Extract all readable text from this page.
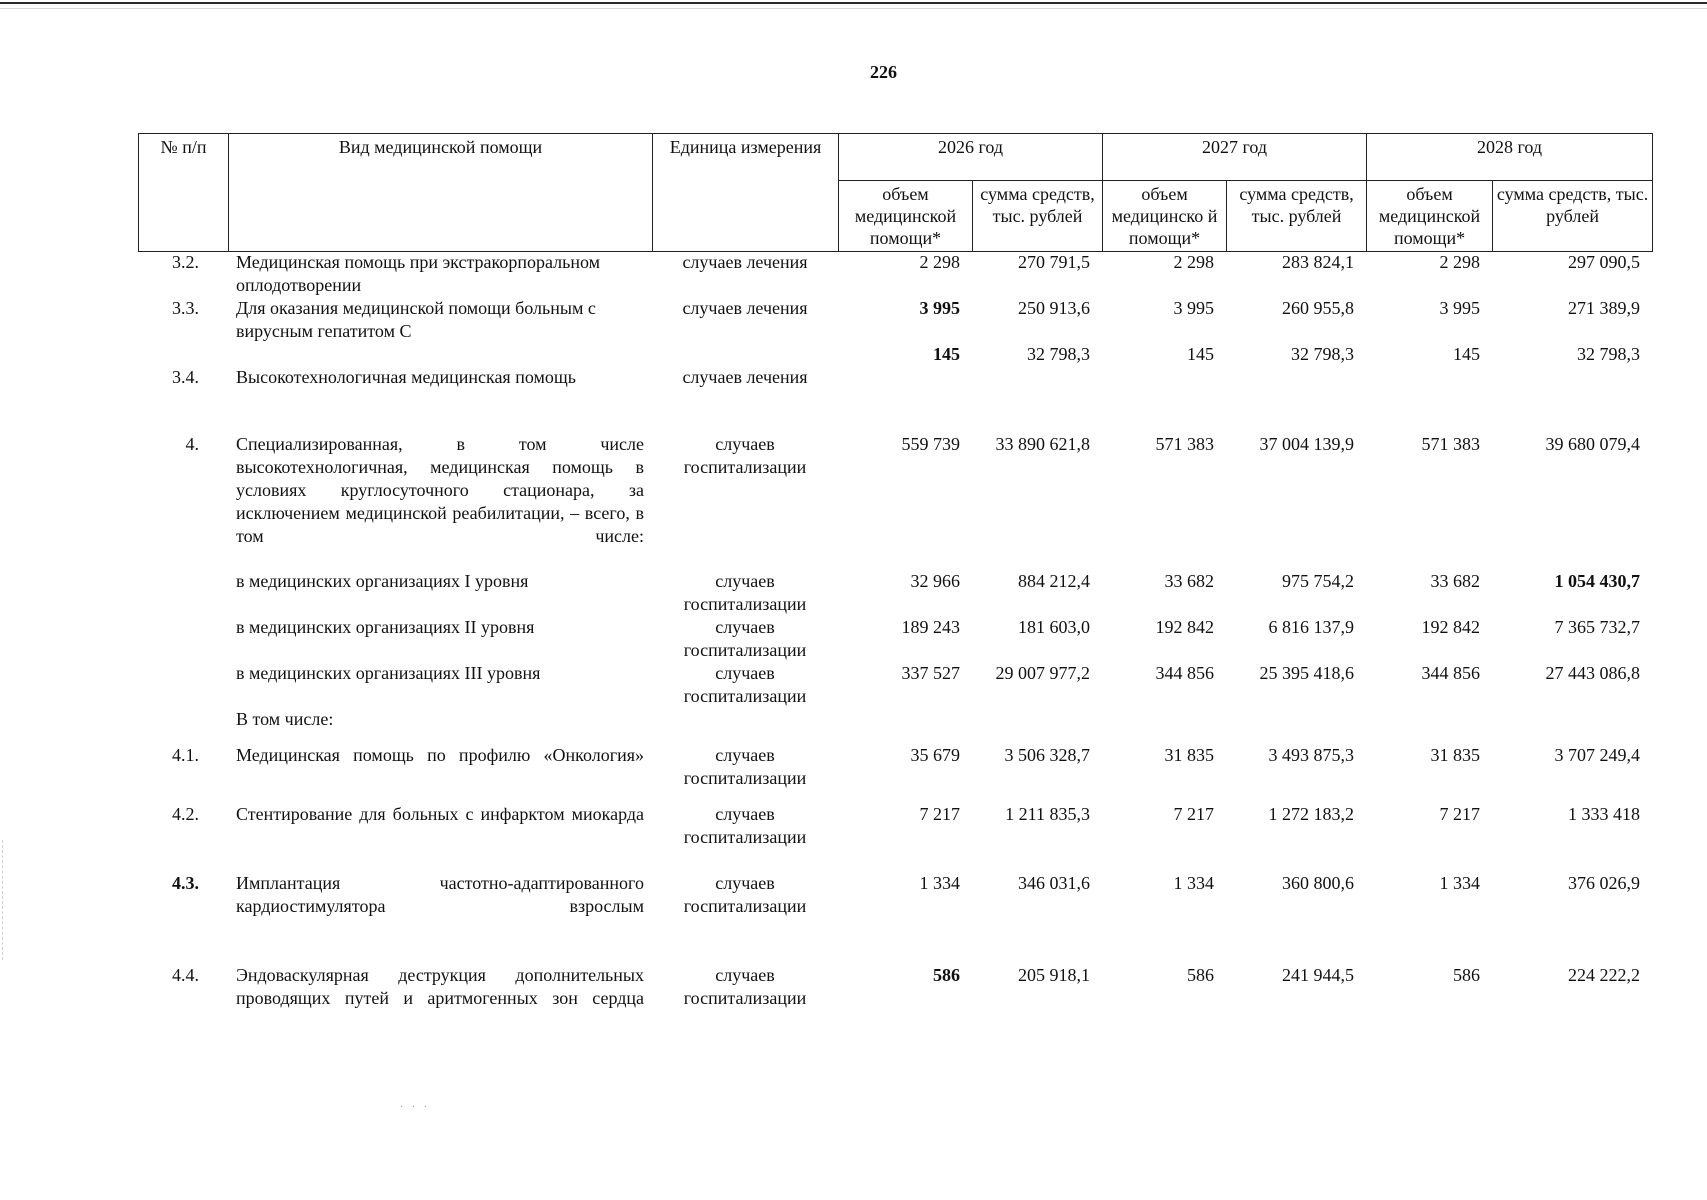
226
№ п/п	Вид медицинской помощи	Единица измерения	2026 год		2027 год		2028 год	
			объем медицинской помощи*	сумма средств, тыс. рублей	объем медицинско й помощи*	сумма средств, тыс. рублей	объем медицинской помощи*	сумма средств, тыс. рублей
3.2.	Медицинская помощь при экстракорпоральном оплодотворении	случаев лечения	2 298	270 791,5	2 298	283 824,1	2 298	297 090,5
3.3.	Для оказания медицинской помощи больным с вирусным гепатитом С	случаев лечения	3 995	250 913,6	3 995	260 955,8	3 995	271 389,9
3.4.	Высокотехнологичная медицинская помощь	случаев лечения	145	32 798,3	145	32 798,3	145	32 798,3

4.	Специализированная, в том числе высокотехнологичная, медицинская помощь в условиях круглосуточного стационара, за исключением медицинской реабилитации, – всего, в том числе:	случаев госпитализации	559 739	33 890 621,8	571 383	37 004 139,9	571 383	39 680 079,4
	в медицинских организациях I уровня	случаев госпитализации	32 966	884 212,4	33 682	975 754,2	33 682	1 054 430,7
	в медицинских организациях II уровня	случаев госпитализации	189 243	181 603,0	192 842	6 816 137,9	192 842	7 365 732,7
	в медицинских организациях III уровня	случаев госпитализации	337 527	29 007 977,2	344 856	25 395 418,6	344 856	27 443 086,8
	В том числе:							
4.1.	Медицинская помощь по профилю «Онкология»	случаев госпитализации	35 679	3 506 328,7	31 835	3 493 875,3	31 835	3 707 249,4
4.2.	Стентирование для больных с инфарктом миокарда	случаев госпитализации	7 217	1 211 835,3	7 217	1 272 183,2	7 217	1 333 418
4.3.	Имплантация частотно-адаптированного кардиостимулятора взрослым	случаев госпитализации	1 334	346 031,6	1 334	360 800,6	1 334	376 026,9
4.4.	Эндоваскулярная деструкция дополнительных проводящих путей и аритмогенных зон сердца	случаев госпитализации	586	205 918,1	586	241 944,5	586	224 222,2
· · ·
